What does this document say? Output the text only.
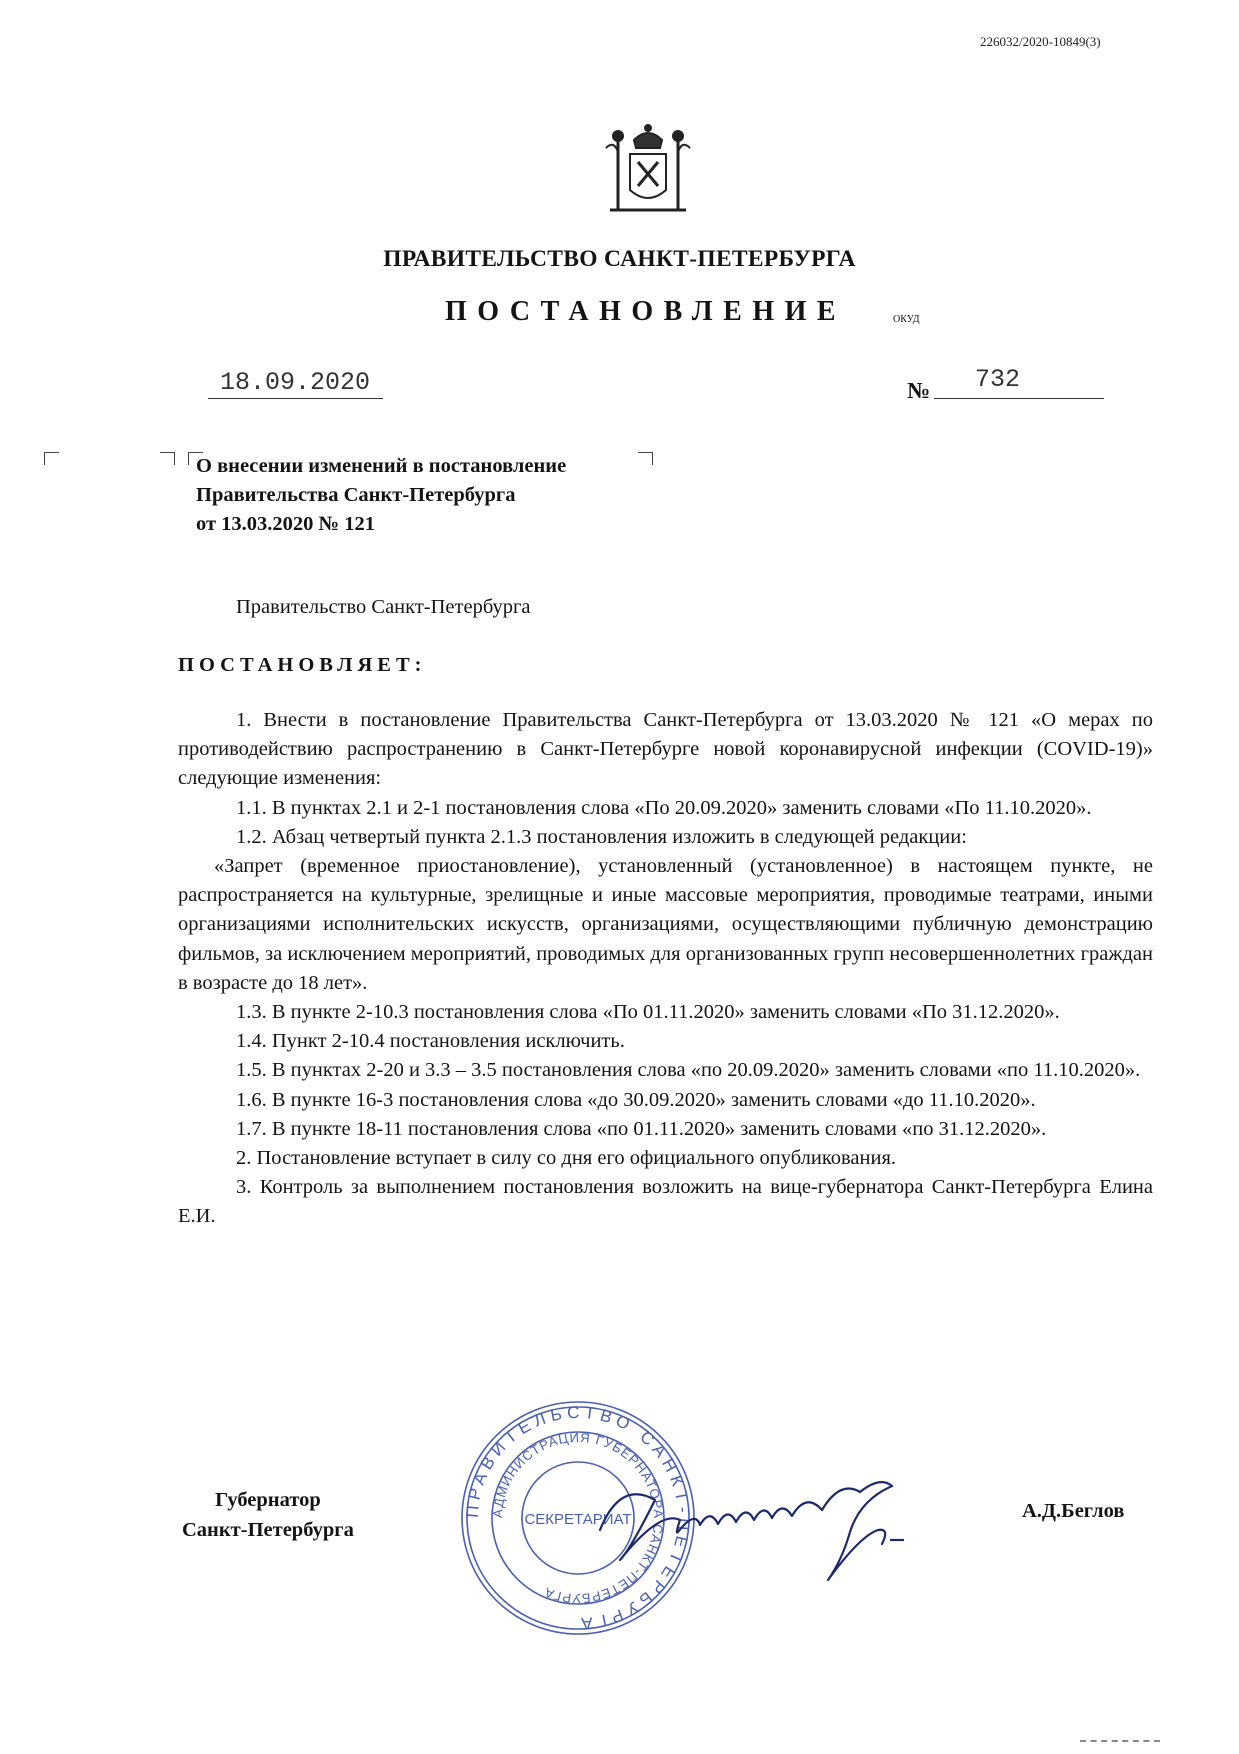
226032/2020-10849(3)
ПРАВИТЕЛЬСТВО САНКТ-ПЕТЕРБУРГА
ПОСТАНОВЛЕНИЕ	ОКУД
18.09.2020	№ 732
О внесении изменений в постановление
Правительства Санкт-Петербурга
от 13.03.2020 № 121
Правительство Санкт-Петербурга
ПОСТАНОВЛЯЕТ:

1. Внести в постановление Правительства Санкт-Петербурга от 13.03.2020 № 121 «О мерах по противодействию распространению в Санкт-Петербурге новой коронавирусной инфекции (COVID-19)» следующие изменения:

1.1. В пунктах 2.1 и 2-1 постановления слова «По 20.09.2020» заменить словами «По 11.10.2020».

1.2. Абзац четвертый пункта 2.1.3 постановления изложить в следующей редакции:

«Запрет (временное приостановление), установленный (установленное) в настоящем пункте, не распространяется на культурные, зрелищные и иные массовые мероприятия, проводимые театрами, иными организациями исполнительских искусств, организациями, осуществляющими публичную демонстрацию фильмов, за исключением мероприятий, проводимых для организованных групп несовершеннолетних граждан в возрасте до 18 лет».

1.3. В пункте 2-10.3 постановления слова «По 01.11.2020» заменить словами «По 31.12.2020».

1.4. Пункт 2-10.4 постановления исключить.

1.5. В пунктах 2-20 и 3.3 – 3.5 постановления слова «по 20.09.2020» заменить словами «по 11.10.2020».

1.6. В пункте 16-3 постановления слова «до 30.09.2020» заменить словами «до 11.10.2020».

1.7. В пункте 18-11 постановления слова «по 01.11.2020» заменить словами «по 31.12.2020».

2. Постановление вступает в силу со дня его официального опубликования.

3. Контроль за выполнением постановления возложить на вице-губернатора Санкт-Петербурга Елина Е.И.

ПРАВИТЕЛЬСТВО САНКТ-ПЕТЕРБУРГА
АДМИНИСТРАЦИЯ ГУБЕРНАТОРА САНКТ-ПЕТЕРБУРГА
СЕКРЕТАРИАТ
Губернатор
Санкт-Петербурга
А.Д.Беглов
